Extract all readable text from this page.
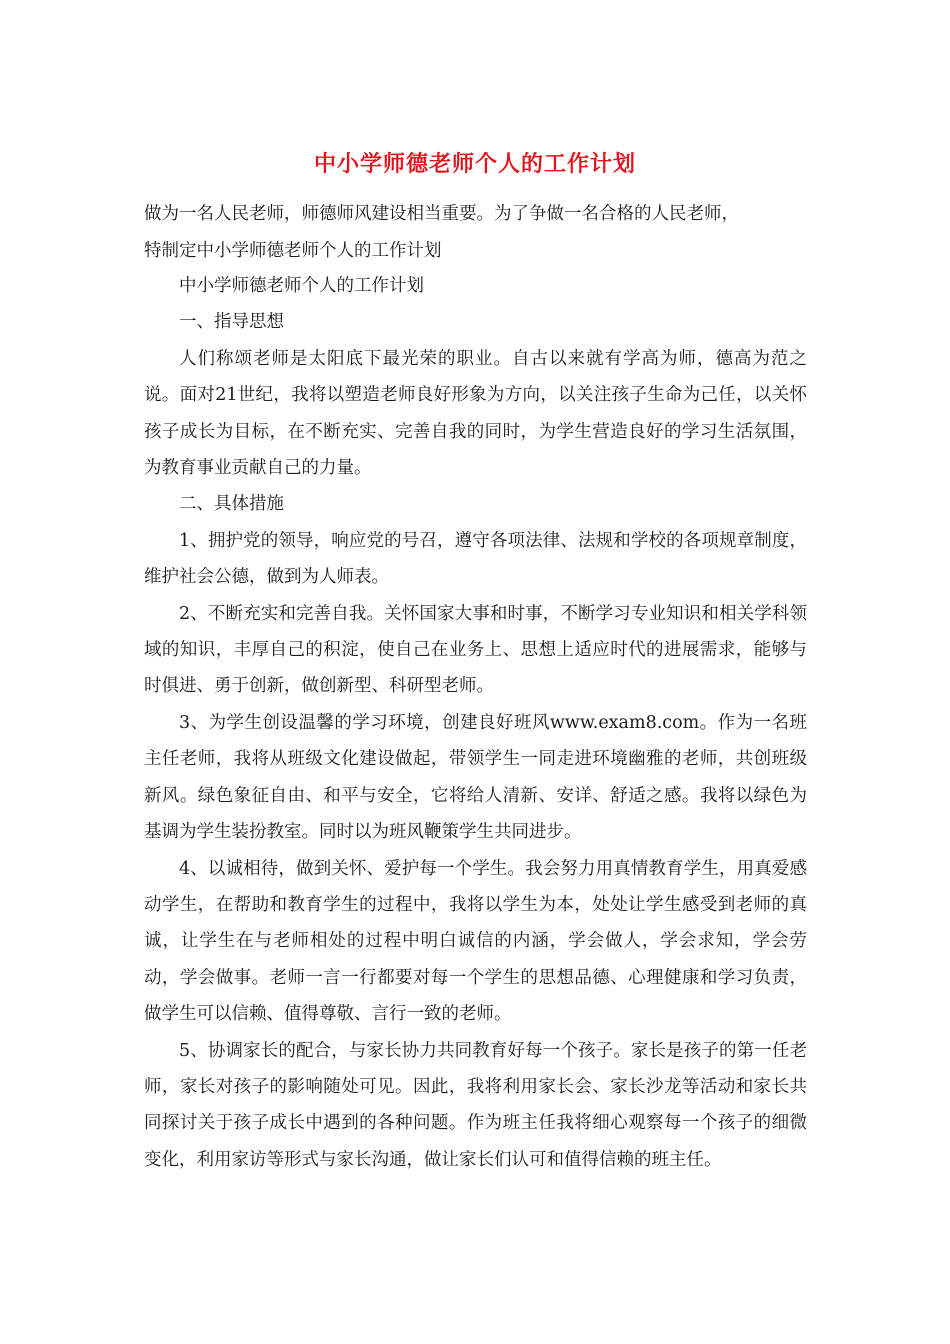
中小学师德老师个人的工作计划

做为一名人民老师，师德师风建设相当重要。为了争做一名合格的人民老师，

特制定中小学师德老师个人的工作计划

中小学师德老师个人的工作计划

一、指导思想

人们称颂老师是太阳底下最光荣的职业。自古以来就有学高为师，德高为范之说。面对21世纪，我将以塑造老师良好形象为方向，以关注孩子生命为己任，以关怀孩子成长为目标，在不断充实、完善自我的同时，为学生营造良好的学习生活氛围，为教育事业贡献自己的力量。

二、具体措施

1、拥护党的领导，响应党的号召，遵守各项法律、法规和学校的各项规章制度，维护社会公德，做到为人师表。

2、不断充实和完善自我。关怀国家大事和时事，不断学习专业知识和相关学科领域的知识，丰厚自己的积淀，使自己在业务上、思想上适应时代的进展需求，能够与时俱进、勇于创新，做创新型、科研型老师。

3、为学生创设温馨的学习环境，创建良好班风www.exam8.com。作为一名班主任老师，我将从班级文化建设做起，带领学生一同走进环境幽雅的老师，共创班级新风。绿色象征自由、和平与安全，它将给人清新、安详、舒适之感。我将以绿色为基调为学生装扮教室。同时以为班风鞭策学生共同进步。

4、以诚相待，做到关怀、爱护每一个学生。我会努力用真情教育学生，用真爱感动学生，在帮助和教育学生的过程中，我将以学生为本，处处让学生感受到老师的真诚，让学生在与老师相处的过程中明白诚信的内涵，学会做人，学会求知，学会劳动，学会做事。老师一言一行都要对每一个学生的思想品德、心理健康和学习负责，做学生可以信赖、值得尊敬、言行一致的老师。

5、协调家长的配合，与家长协力共同教育好每一个孩子。家长是孩子的第一任老师，家长对孩子的影响随处可见。因此，我将利用家长会、家长沙龙等活动和家长共同探讨关于孩子成长中遇到的各种问题。作为班主任我将细心观察每一个孩子的细微变化，利用家访等形式与家长沟通，做让家长们认可和值得信赖的班主任。
